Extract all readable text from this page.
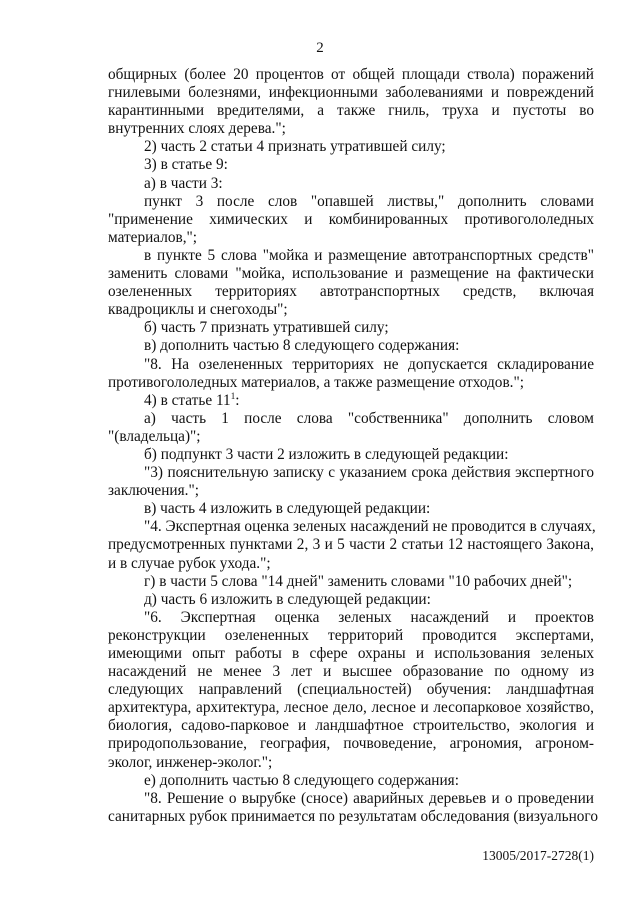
2
общирных (более 20 процентов от общей площади ствола) поражений
гнилевыми болезнями, инфекционными заболеваниями и повреждений
карантинными вредителями, а также гниль, труха и пустоты во
внутренних слоях дерева.";
2) часть 2 статьи 4 признать утратившей силу;
3) в статье 9:
а) в части 3:
пункт 3 после слов "опавшей листвы," дополнить словами
"применение химических и комбинированных противогололедных
материалов,";
в пункте 5 слова "мойка и размещение автотранспортных средств"
заменить словами "мойка, использование и размещение на фактически
озелененных территориях автотранспортных средств, включая
квадроциклы и снегоходы";
б) часть 7 признать утратившей силу;
в) дополнить частью 8 следующего содержания:
"8. На озелененных территориях не допускается складирование
противогололедных материалов, а также размещение отходов.";
4) в статье $11^1$:
а) часть 1 после слова "собственника" дополнить словом
"(владельца)";
б) подпункт 3 части 2 изложить в следующей редакции:
"3) пояснительную записку с указанием срока действия экспертного
заключения.";
в) часть 4 изложить в следующей редакции:
"4. Экспертная оценка зеленых насаждений не проводится в случаях,
предусмотренных пунктами 2, 3 и 5 части 2 статьи 12 настоящего Закона,
и в случае рубок ухода.";
г) в части 5 слова "14 дней" заменить словами "10 рабочих дней";
д) часть 6 изложить в следующей редакции:
"6. Экспертная оценка зеленых насаждений и проектов
реконструкции озелененных территорий проводится экспертами,
имеющими опыт работы в сфере охраны и использования зеленых
насаждений не менее 3 лет и высшее образование по одному из
следующих направлений (специальностей) обучения: ландшафтная
архитектура, архитектура, лесное дело, лесное и лесопарковое хозяйство,
биология, садово-парковое и ландшафтное строительство, экология и
природопользование, география, почвоведение, агрономия, агроном-
эколог, инженер-эколог.";
е) дополнить частью 8 следующего содержания:
"8. Решение о вырубке (сносе) аварийных деревьев и о проведении
санитарных рубок принимается по результатам обследования (визуального
13005/2017-2728(1)
